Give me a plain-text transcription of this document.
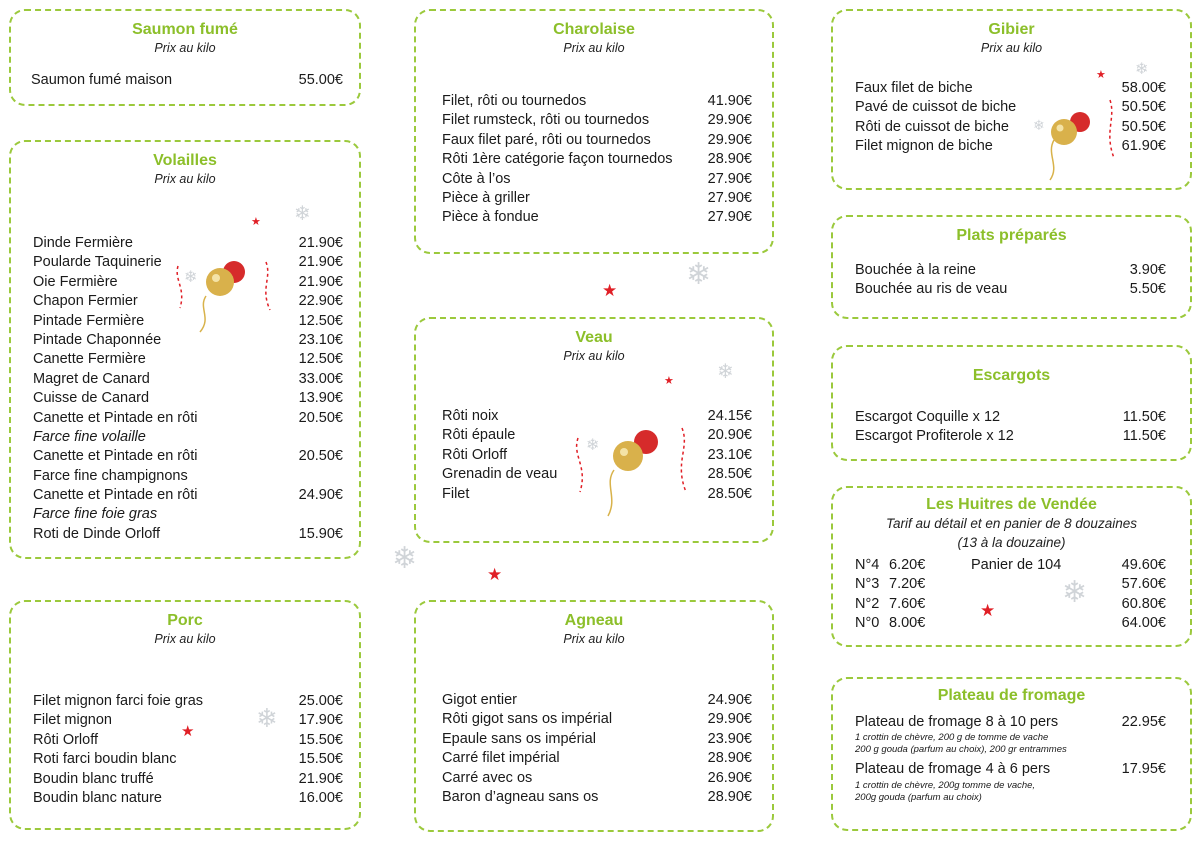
Saumon fumé
Prix au kilo
Saumon fumé maison	55.00€
Volailles
Prix au kilo
Dinde Fermière	21.90€
Poularde Taquinerie	21.90€
Oie Fermière	21.90€
Chapon Fermier	22.90€
Pintade Fermière	12.50€
Pintade Chaponnée	23.10€
Canette Fermière	12.50€
Magret de Canard	33.00€
Cuisse de Canard	13.90€
Canette et Pintade en rôti	20.50€
Farce fine volaille
Canette et Pintade en rôti	20.50€
Farce fine champignons
Canette et Pintade en rôti	24.90€
Farce fine foie gras
Roti de Dinde Orloff	15.90€
Porc
Prix au kilo
Filet mignon farci foie gras	25.00€
Filet mignon	17.90€
Rôti Orloff	15.50€
Roti farci boudin blanc	15.50€
Boudin blanc truffé	21.90€
Boudin blanc nature	16.00€
Charolaise
Prix au kilo
Filet, rôti ou tournedos	41.90€
Filet rumsteck, rôti ou tournedos	29.90€
Faux filet paré, rôti ou tournedos	29.90€
Rôti 1ère catégorie façon tournedos 28.90€
Côte à l’os	27.90€
Pièce à griller	27.90€
Pièce à fondue	27.90€
Veau
Prix au kilo
Rôti noix	24.15€
Rôti épaule	20.90€
Rôti Orloff	23.10€
Grenadin de veau	28.50€
Filet	28.50€
Agneau
Prix au kilo
Gigot entier	24.90€
Rôti gigot sans os impérial	29.90€
Epaule sans os impérial	23.90€
Carré filet impérial	28.90€
Carré avec os	26.90€
Baron d’agneau sans os	28.90€
Gibier
Prix au kilo
Faux filet de biche	58.00€
Pavé de cuissot de biche	50.50€
Rôti de cuissot de biche	50.50€
Filet mignon de biche	61.90€
Plats préparés
Bouchée à la reine	3.90€
Bouchée au ris de veau	5.50€
Escargots
Escargot Coquille x 12	11.50€
Escargot Profiterole x 12	11.50€
Les Huitres de Vendée
Tarif au détail et en panier de 8 douzaines
(13 à la douzaine)
N°4 6.20€	Panier de 104	49.60€
N°3 7.20€	57.60€
N°2 7.60€	60.80€
N°0 8.00€	64.00€
Plateau de fromage
Plateau de fromage 8 à 10 pers	22.95€
1 crottin de chèvre, 200 g de tomme de vache
200 g gouda (parfum au choix), 200 gr entrammes
Plateau de fromage 4 à 6 pers	17.95€
1 crottin de chèvre, 200g tomme de vache,
200g gouda (parfum au choix)
❄
❄
❄
❄
❄
❄
❄
❄
❄
❄
★
★
★
★
★
★
★
